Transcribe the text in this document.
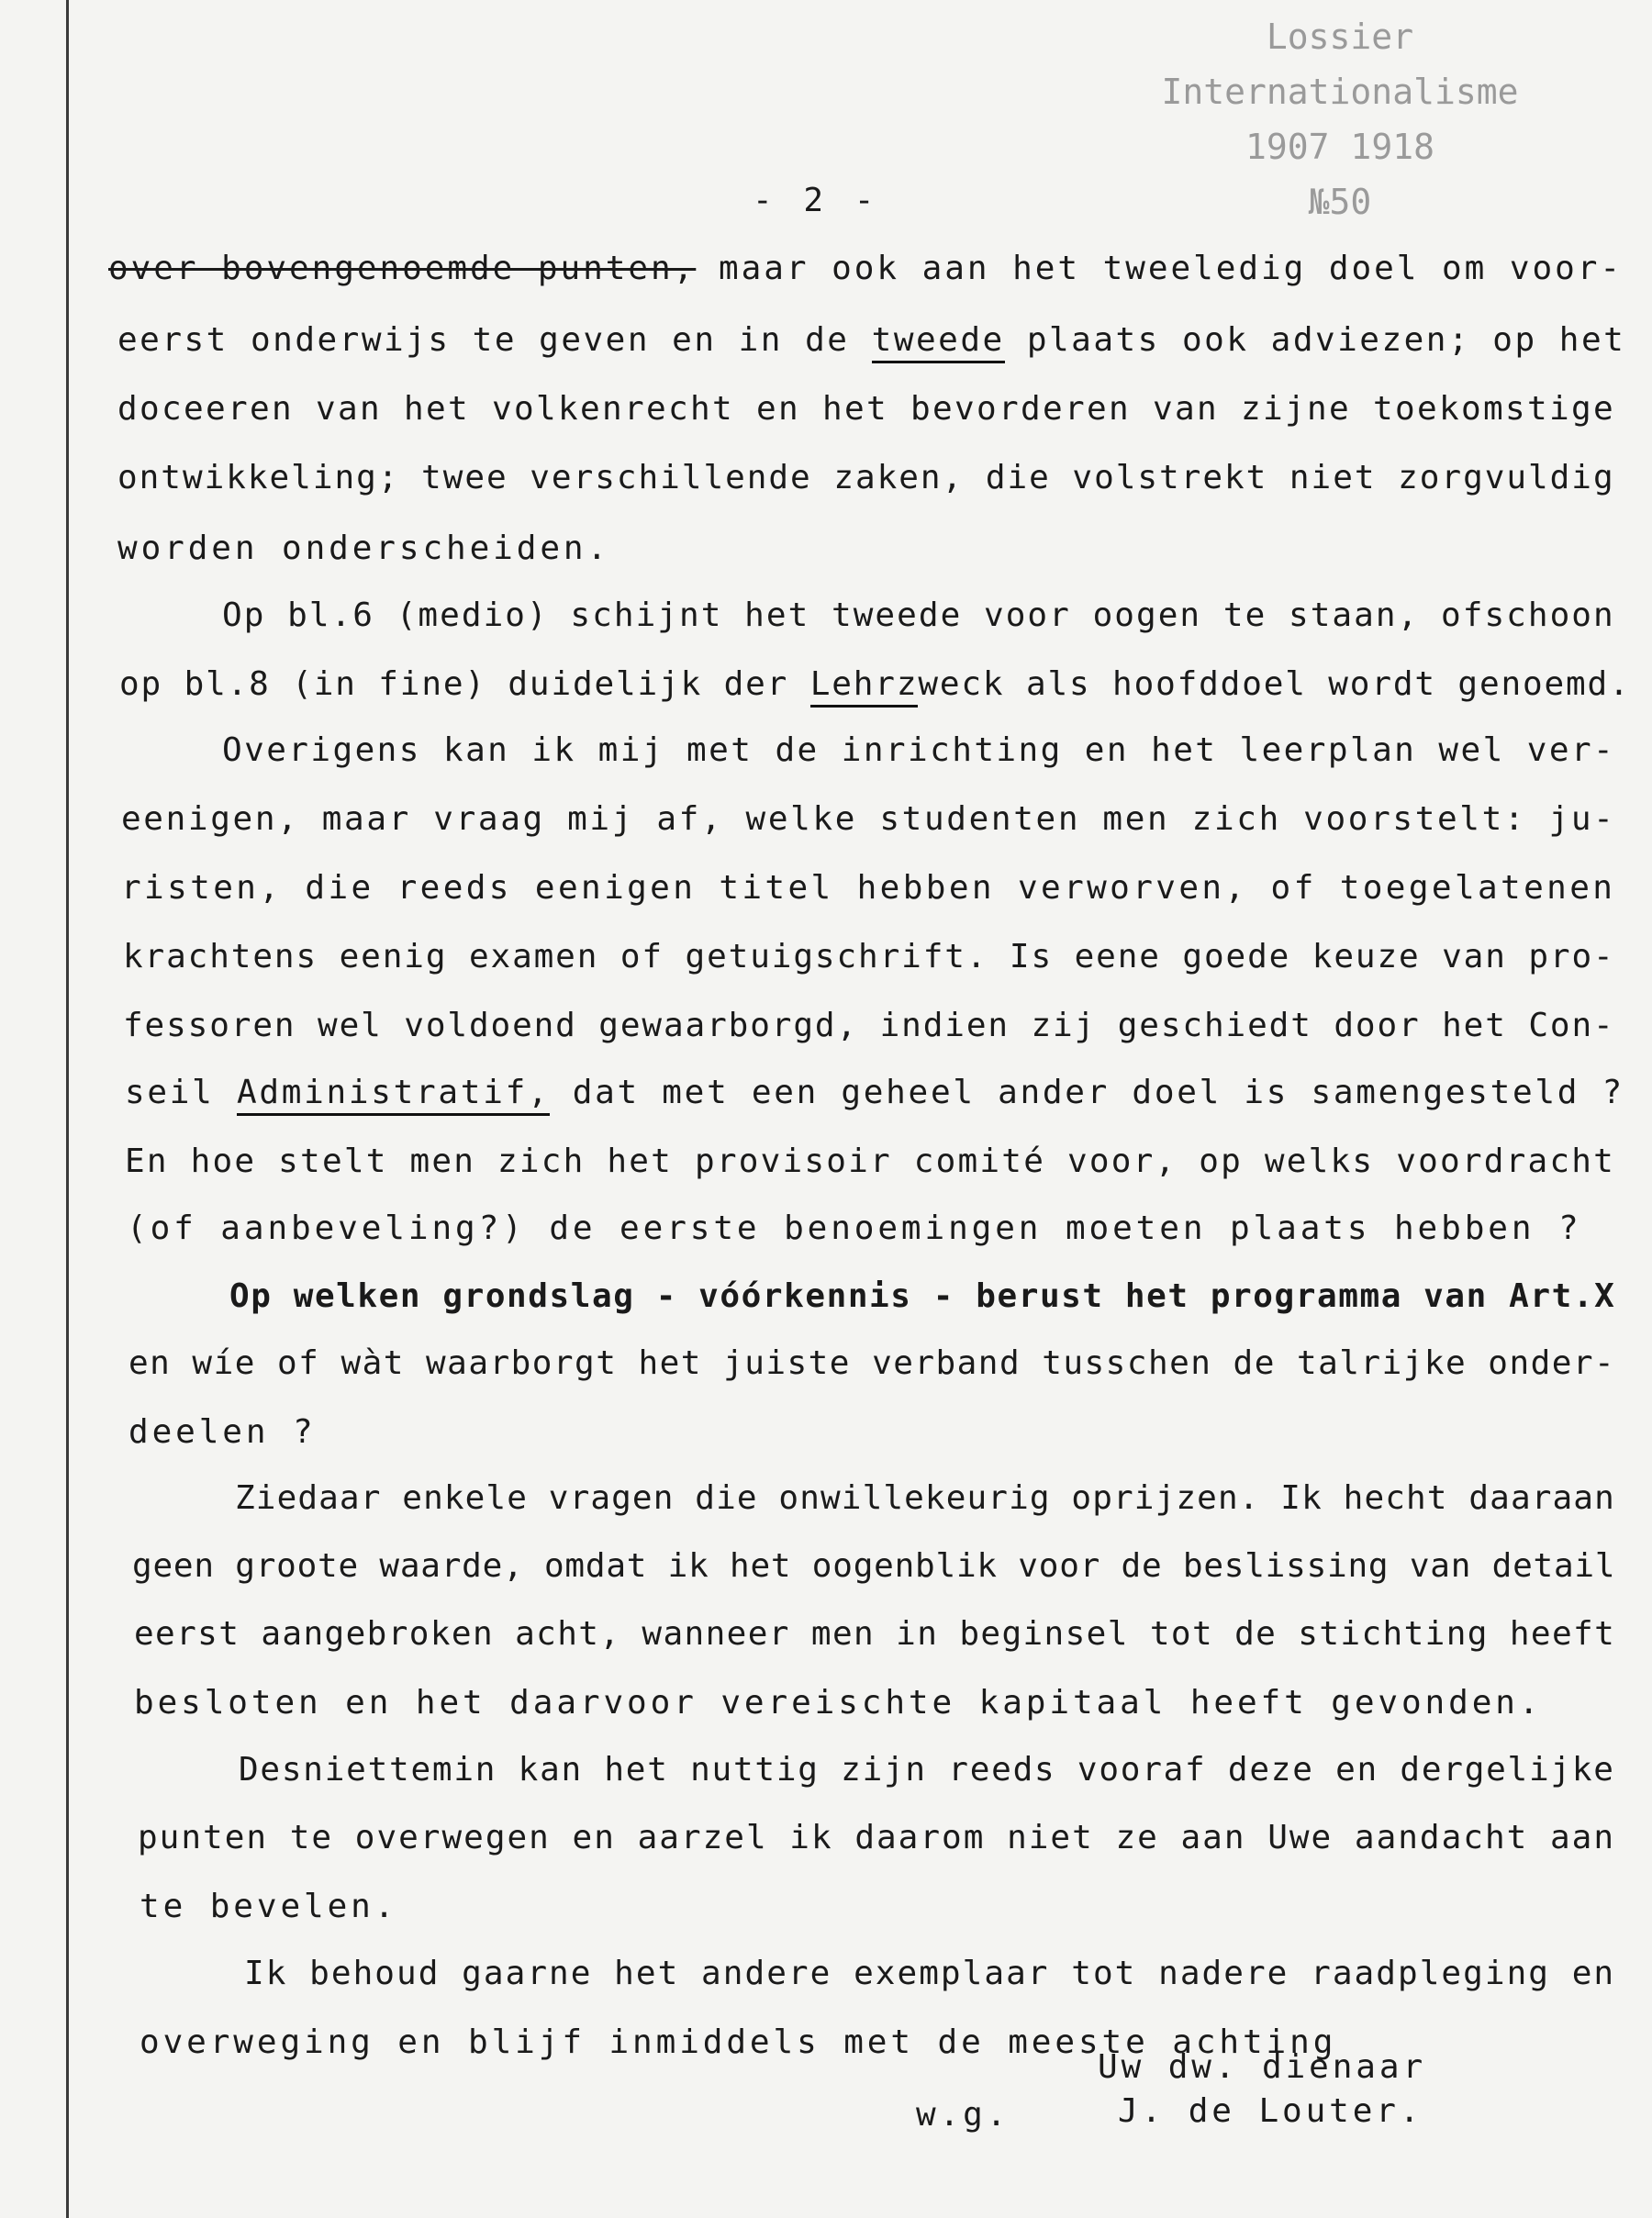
Lossier
Internationalisme
1907 1918
№50
- 2 -
over bovengenoemde punten, maar ook aan het tweeledig doel om voor-
eerst onderwijs te geven en in de tweede plaats ook adviezen; op het
doceeren van het volkenrecht en het bevorderen van zijne toekomstige
ontwikkeling; twee verschillende zaken, die volstrekt niet zorgvuldig
worden onderscheiden.
Op bl.6 (medio) schijnt het tweede voor oogen te staan, ofschoon
op bl.8 (in fine) duidelijk der Lehrzweck als hoofddoel wordt genoemd.
Overigens kan ik mij met de inrichting en het leerplan wel ver-
eenigen, maar vraag mij af, welke studenten men zich voorstelt: ju-
risten, die reeds eenigen titel hebben verworven, of toegelatenen
krachtens eenig examen of getuigschrift. Is eene goede keuze van pro-
fessoren wel voldoend gewaarborgd, indien zij geschiedt door het Con-
seil Administratif, dat met een geheel ander doel is samengesteld ?
En hoe stelt men zich het provisoir comité voor, op welks voordracht
(of aanbeveling?) de eerste benoemingen moeten plaats hebben ?
Op welken grondslag - vóórkennis - berust het programma van Art.X
en wíe of wàt waarborgt het juiste verband tusschen de talrijke onder-
deelen ?
Ziedaar enkele vragen die onwillekeurig oprijzen. Ik hecht daaraan
geen groote waarde, omdat ik het oogenblik voor de beslissing van detail
eerst aangebroken acht, wanneer men in beginsel tot de stichting heeft
besloten en het daarvoor vereischte kapitaal heeft gevonden.
Desniettemin kan het nuttig zijn reeds vooraf deze en dergelijke
punten te overwegen en aarzel ik daarom niet ze aan Uwe aandacht aan
te bevelen.
Ik behoud gaarne het andere exemplaar tot nadere raadpleging en
overweging en blijf inmiddels met de meeste achting
Uw dw. dienaar
w.g.	J. de Louter.
